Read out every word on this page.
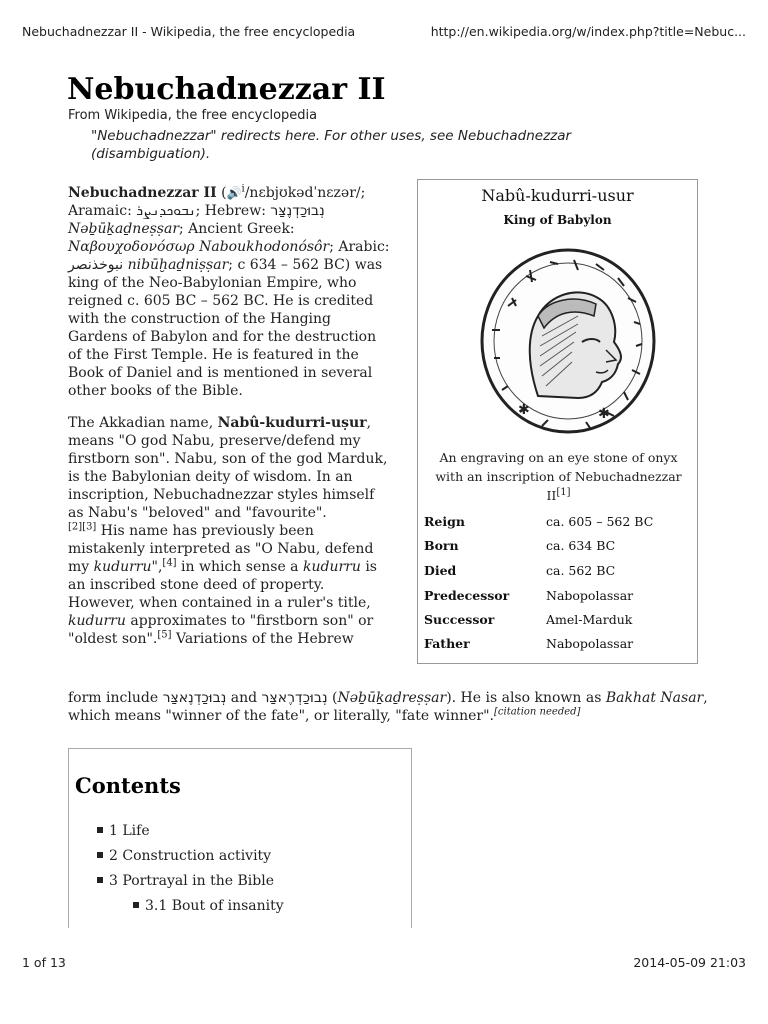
Nebuchadnezzar II - Wikipedia, the free encyclopedia	http://en.wikipedia.org/w/index.php?title=Nebuc...
Nebuchadnezzar II
From Wikipedia, the free encyclopedia
"Nebuchadnezzar" redirects here. For other uses, see Nebuchadnezzar (disambiguation).

Nebuchadnezzar II (🔊$^i$/nɛbjʊkədˈnɛzər/; Aramaic: ܢܒܘܟܕܢܨܪ; Hebrew: נְבוּכַדְנֶצַּר Nəḇūḵaḏneṣṣar; Ancient Greek: Ναβουχοδονόσωρ Naboukhodonósôr; Arabic: نبوخذنصر nibūḫaḏniṣṣar; c 634 – 562 BC) was king of the Neo-Babylonian Empire, who reigned c. 605 BC – 562 BC. He is credited with the construction of the Hanging Gardens of Babylon and for the destruction of the First Temple. He is featured in the Book of Daniel and is mentioned in several other books of the Bible.

The Akkadian name, Nabû-kudurri-uṣur, means "O god Nabu, preserve/defend my firstborn son". Nabu, son of the god Marduk, is the Babylonian deity of wisdom. In an inscription, Nebuchadnezzar styles himself as Nabu's "beloved" and "favourite".
[2][3] His name has previously been mistakenly interpreted as "O Nabu, defend my kudurru",[4] in which sense a kudurru is an inscribed stone deed of property. However, when contained in a ruler's title, kudurru approximates to "firstborn son" or "oldest son".[5] Variations of the Hebrew

form include נְבוּכַדְנֶאצַּר and נְבוּכַדְרֶאצַּר (Nəḇūḵaḏreṣṣar). He is also known as Bakhat Nasar, which means "winner of the fate", or literally, "fate winner".[citation needed]
Nabû-kudurri-usur
King of Babylon
✱	✱
An engraving on an eye stone of onyx with an inscription of Nebuchadnezzar II[1]
Reign	ca. 605 – 562 BC
Born	ca. 634 BC
Died	ca. 562 BC
Predecessor	Nabopolassar
Successor	Amel-Marduk
Father	Nabopolassar
Contents
1 Life
2 Construction activity
3 Portrayal in the Bible
3.1 Bout of insanity
1 of 13	2014-05-09 21:03
